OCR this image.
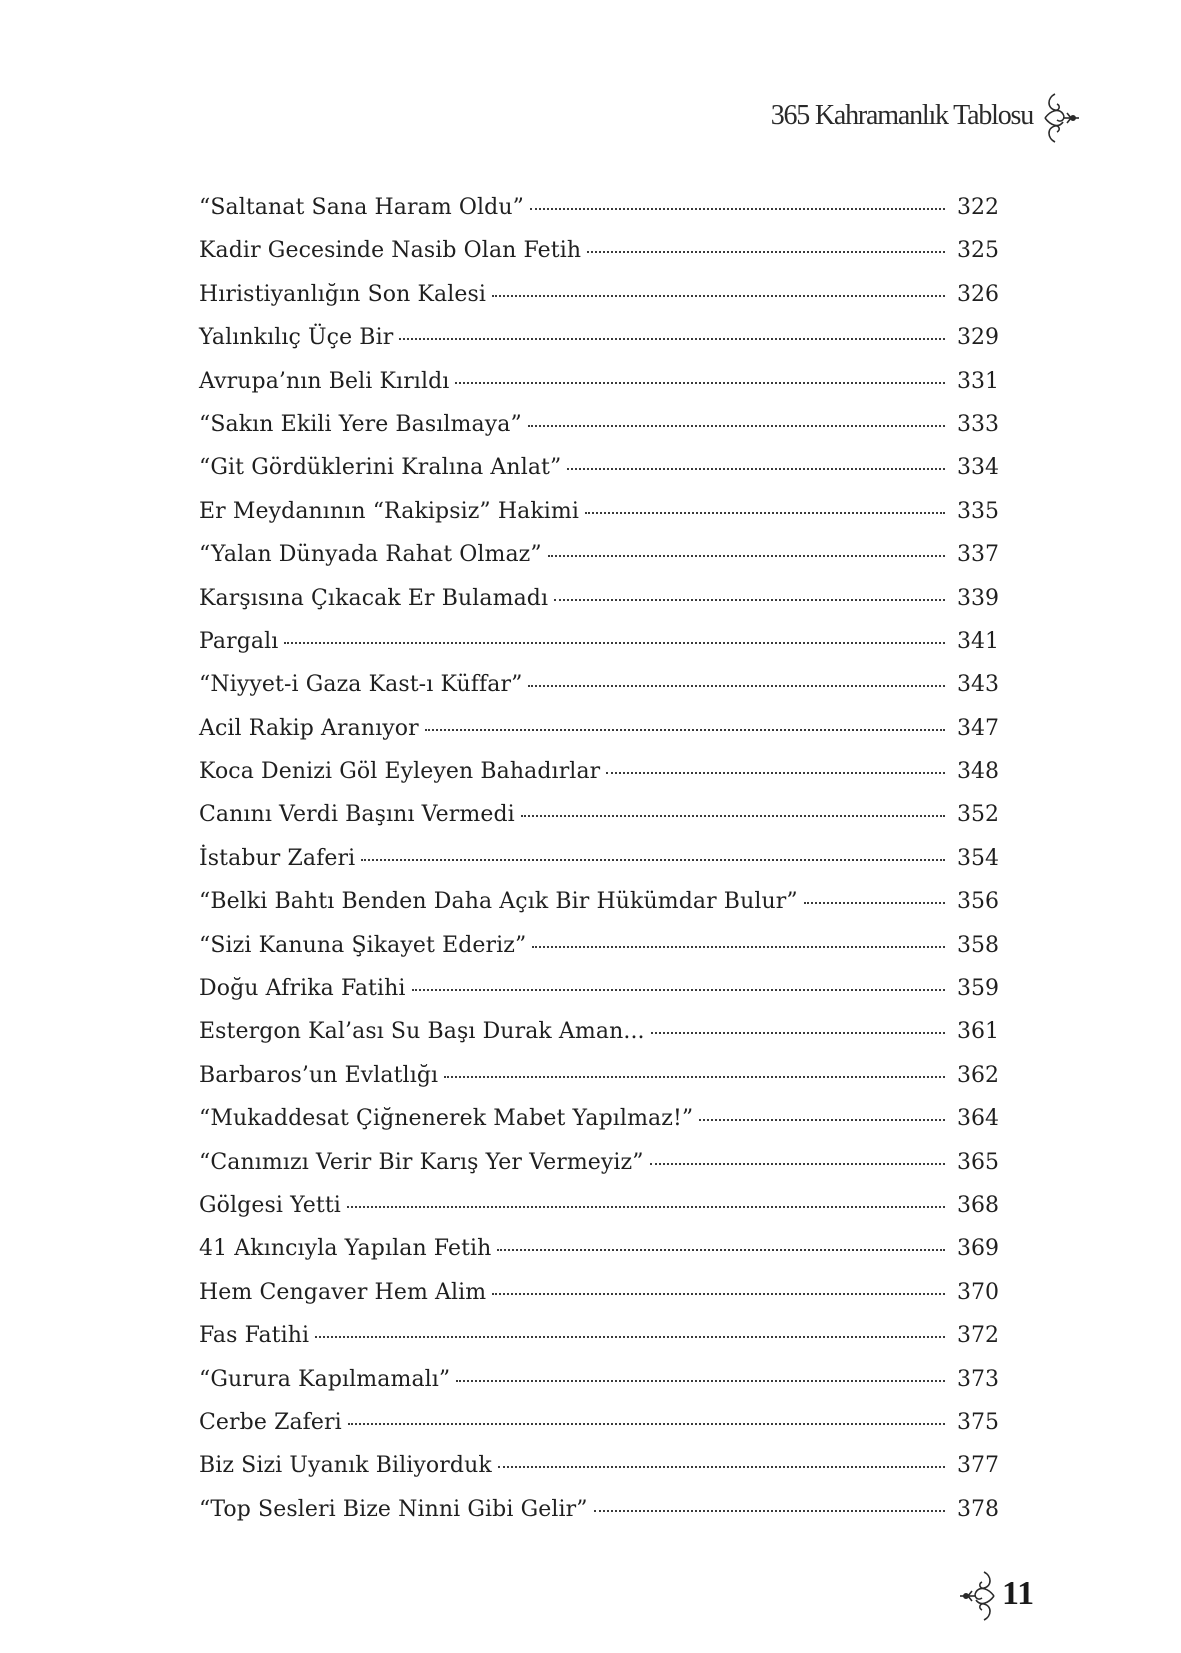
365 Kahramanlık Tablosu
“Saltanat Sana Haram Oldu”	322
Kadir Gecesinde Nasib Olan Fetih	325
Hıristiyanlığın Son Kalesi	326
Yalınkılıç Üçe Bir	329
Avrupa’nın Beli Kırıldı	331
“Sakın Ekili Yere Basılmaya”	333
“Git Gördüklerini Kralına Anlat”	334
Er Meydanının “Rakipsiz” Hakimi	335
“Yalan Dünyada Rahat Olmaz”	337
Karşısına Çıkacak Er Bulamadı	339
Pargalı	341
“Niyyet-i Gaza Kast-ı Küffar”	343
Acil Rakip Aranıyor	347
Koca Denizi Göl Eyleyen Bahadırlar	348
Canını Verdi Başını Vermedi	352
İstabur Zaferi	354
“Belki Bahtı Benden Daha Açık Bir Hükümdar Bulur”	356
“Sizi Kanuna Şikayet Ederiz”	358
Doğu Afrika Fatihi	359
Estergon Kal’ası Su Başı Durak Aman...	361
Barbaros’un Evlatlığı	362
“Mukaddesat Çiğnenerek Mabet Yapılmaz!”	364
“Canımızı Verir Bir Karış Yer Vermeyiz”	365
Gölgesi Yetti	368
41 Akıncıyla Yapılan Fetih	369
Hem Cengaver Hem Alim	370
Fas Fatihi	372
“Gurura Kapılmamalı”	373
Cerbe Zaferi	375
Biz Sizi Uyanık Biliyorduk	377
“Top Sesleri Bize Ninni Gibi Gelir”	378
11
